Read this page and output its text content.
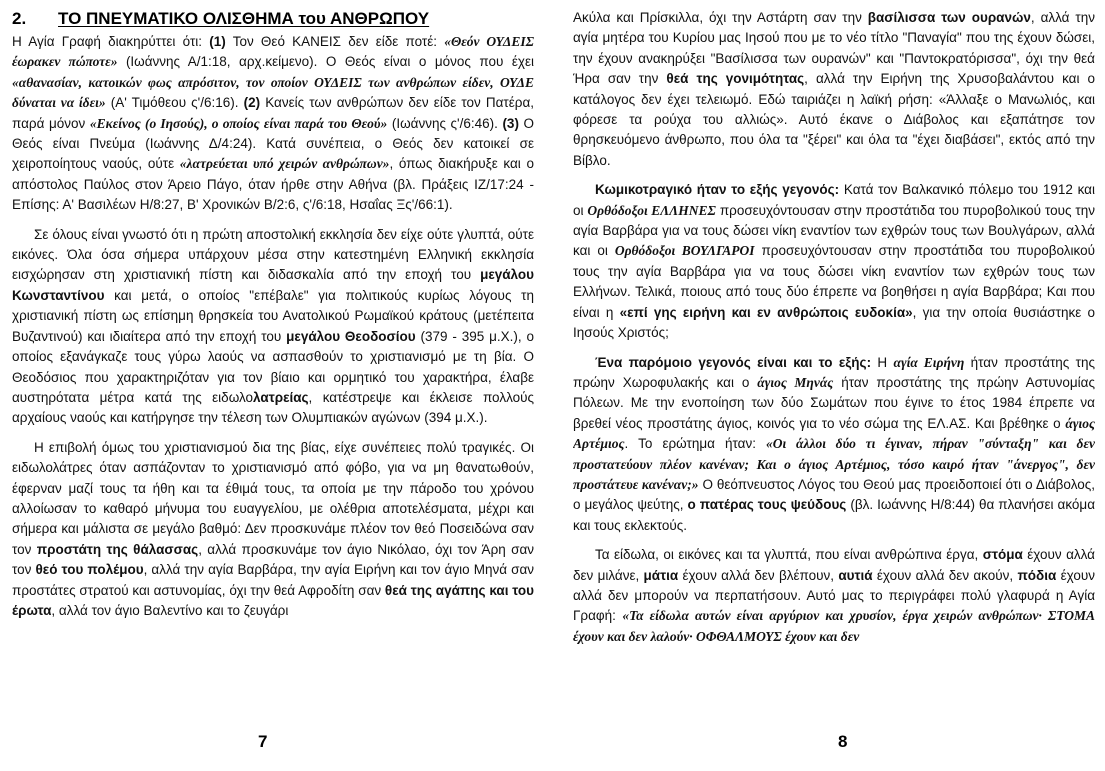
2.	ΤΟ ΠΝΕΥΜΑΤΙΚΟ ΟΛΙΣΘΗΜΑ του ΑΝΘΡΩΠΟΥ

Η Αγία Γραφή διακηρύττει ότι: (1) Τον Θεό ΚΑΝΕΙΣ δεν είδε ποτέ: «Θεόν ΟΥΔΕΙΣ έωρακεν πώποτε» (Ιωάννης Α/1:18, αρχ.κείμενο). Ο Θεός είναι ο μόνος που έχει «αθανασίαν, κατοικών φως απρόσιτον, τον οποίον ΟΥΔΕΙΣ των ανθρώπων είδεν, ΟΥΔΕ δύναται να ίδει» (Α' Τιμόθεου ς'/6:16). (2) Κανείς των ανθρώπων δεν είδε τον Πατέρα, παρά μόνον «Εκείνος (ο Ιησούς), ο οποίος είναι παρά του Θεού» (Ιωάννης ς'/6:46). (3) Ο Θεός είναι Πνεύμα (Ιωάννης Δ/4:24). Κατά συνέπεια, ο Θεός δεν κατοικεί σε χειροποίητους ναούς, ούτε «λατρεύεται υπό χειρών ανθρώπων», όπως διακήρυξε και ο απόστολος Παύλος στον Άρειο Πάγο, όταν ήρθε στην Αθήνα (βλ. Πράξεις ΙΖ/17:24 - Επίσης: Α' Βασιλέων Η/8:27, Β' Χρονικών Β/2:6, ς'/6:18, Ησαΐας Ξς'/66:1).

Σε όλους είναι γνωστό ότι η πρώτη αποστολική εκκλησία δεν είχε ούτε γλυπτά, ούτε εικόνες. Όλα όσα σήμερα υπάρχουν μέσα στην κατεστημένη Ελληνική εκκλησία εισχώρησαν στη χριστιανική πίστη και διδασκαλία από την εποχή του μεγάλου Κωνσταντίνου και μετά, ο οποίος "επέβαλε" για πολιτικούς κυρίως λόγους τη χριστιανική πίστη ως επίσημη θρησκεία του Ανατολικού Ρωμαϊκού κράτους (μετέπειτα Βυζαντινού) και ιδιαίτερα από την εποχή του μεγάλου Θεοδοσίου (379 - 395 μ.Χ.), ο οποίος εξανάγκαζε τους γύρω λαούς να ασπασθούν το χριστιανισμό με τη βία. Ο Θεοδόσιος που χαρακτηριζόταν για τον βίαιο και ορμητικό του χαρακτήρα, έλαβε αυστηρότατα μέτρα κατά της ειδωλολατρείας, κατέστρεψε και έκλεισε πολλούς αρχαίους ναούς και κατήργησε την τέλεση των Ολυμπιακών αγώνων (394 μ.Χ.).

Η επιβολή όμως του χριστιανισμού δια της βίας, είχε συνέπειες πολύ τραγικές. Οι ειδωλολάτρες όταν ασπάζονταν το χριστιανισμό από φόβο, για να μη θανατωθούν, έφερναν μαζί τους τα ήθη και τα έθιμά τους, τα οποία με την πάροδο του χρόνου αλλοίωσαν το καθαρό μήνυμα του ευαγγελίου, με ολέθρια αποτελέσματα, μέχρι και σήμερα και μάλιστα σε μεγάλο βαθμό: Δεν προσκυνάμε πλέον τον θεό Ποσειδώνα σαν τον προστάτη της θάλασσας, αλλά προσκυνάμε τον άγιο Νικόλαο, όχι τον Άρη σαν τον θεό του πολέμου, αλλά την αγία Βαρβάρα, την αγία Ειρήνη και τον άγιο Μηνά σαν προστάτες στρατού και αστυνομίας, όχι την θεά Αφροδίτη σαν θεά της αγάπης και του έρωτα, αλλά τον άγιο Βαλεντίνο και το ζευγάρι

Ακύλα και Πρίσκιλλα, όχι την Αστάρτη σαν την βασίλισσα των ουρανών, αλλά την αγία μητέρα του Κυρίου μας Ιησού που με το νέο τίτλο "Παναγία" που της έχουν δώσει, την έχουν ανακηρύξει "Βασίλισσα των ουρανών" και "Παντοκρατόρισσα", όχι την θεά Ήρα σαν την θεά της γονιμότητας, αλλά την Ειρήνη της Χρυσοβαλάντου και ο κατάλογος δεν έχει τελειωμό. Εδώ ταιριάζει η λαϊκή ρήση: «Άλλαξε ο Μανωλιός, και φόρεσε τα ρούχα του αλλιώς». Αυτό έκανε ο Διάβολος και εξαπάτησε τον θρησκευόμενο άνθρωπο, που όλα τα "ξέρει" και όλα τα "έχει διαβάσει", εκτός από την Βίβλο.

Κωμικοτραγικό ήταν το εξής γεγονός: Κατά τον Βαλκανικό πόλεμο του 1912 και οι Ορθόδοξοι ΕΛΛΗΝΕΣ προσευχόντουσαν στην προστάτιδα του πυροβολικού τους την αγία Βαρβάρα για να τους δώσει νίκη εναντίον των εχθρών τους των Βουλγάρων, αλλά και οι Ορθόδοξοι ΒΟΥΛΓΑΡΟΙ προσευχόντουσαν στην προστάτιδα του πυροβολικού τους την αγία Βαρβάρα για να τους δώσει νίκη εναντίον των εχθρών τους των Ελλήνων. Τελικά, ποιους από τους δύο έπρεπε να βοηθήσει η αγία Βαρβάρα; Και που είναι η «επί γης ειρήνη και εν ανθρώποις ευδοκία», για την οποία θυσιάστηκε ο Ιησούς Χριστός;

Ένα παρόμοιο γεγονός είναι και το εξής: Η αγία Ειρήνη ήταν προστάτης της πρώην Χωροφυλακής και ο άγιος Μηνάς ήταν προστάτης της πρώην Αστυνομίας Πόλεων. Με την ενοποίηση των δύο Σωμάτων που έγινε το έτος 1984 έπρεπε να βρεθεί νέος προστάτης άγιος, κοινός για το νέο σώμα της ΕΛ.ΑΣ. Και βρέθηκε ο άγιος Αρτέμιος. Το ερώτημα ήταν: «Οι άλλοι δύο τι έγιναν, πήραν "σύνταξη" και δεν προστατεύουν πλέον κανέναν; Και ο άγιος Αρτέμιος, τόσο καιρό ήταν "άνεργος", δεν προστάτευε κανέναν;» Ο θεόπνευστος Λόγος του Θεού μας προειδοποιεί ότι ο Διάβολος, ο μεγάλος ψεύτης, ο πατέρας τους ψεύδους (βλ. Ιωάννης Η/8:44) θα πλανήσει ακόμα και τους εκλεκτούς.

Τα είδωλα, οι εικόνες και τα γλυπτά, που είναι ανθρώπινα έργα, στόμα έχουν αλλά δεν μιλάνε, μάτια έχουν αλλά δεν βλέπουν, αυτιά έχουν αλλά δεν ακούν, πόδια έχουν αλλά δεν μπορούν να περπατήσουν. Αυτό μας το περιγράφει πολύ γλαφυρά η Αγία Γραφή: «Τα είδωλα αυτών είναι αργύριον και χρυσίον, έργα χειρών ανθρώπων· ΣΤΟΜΑ έχουν και δεν λαλούν· ΟΦΘΑΛΜΟΥΣ έχουν και δεν

7	8
